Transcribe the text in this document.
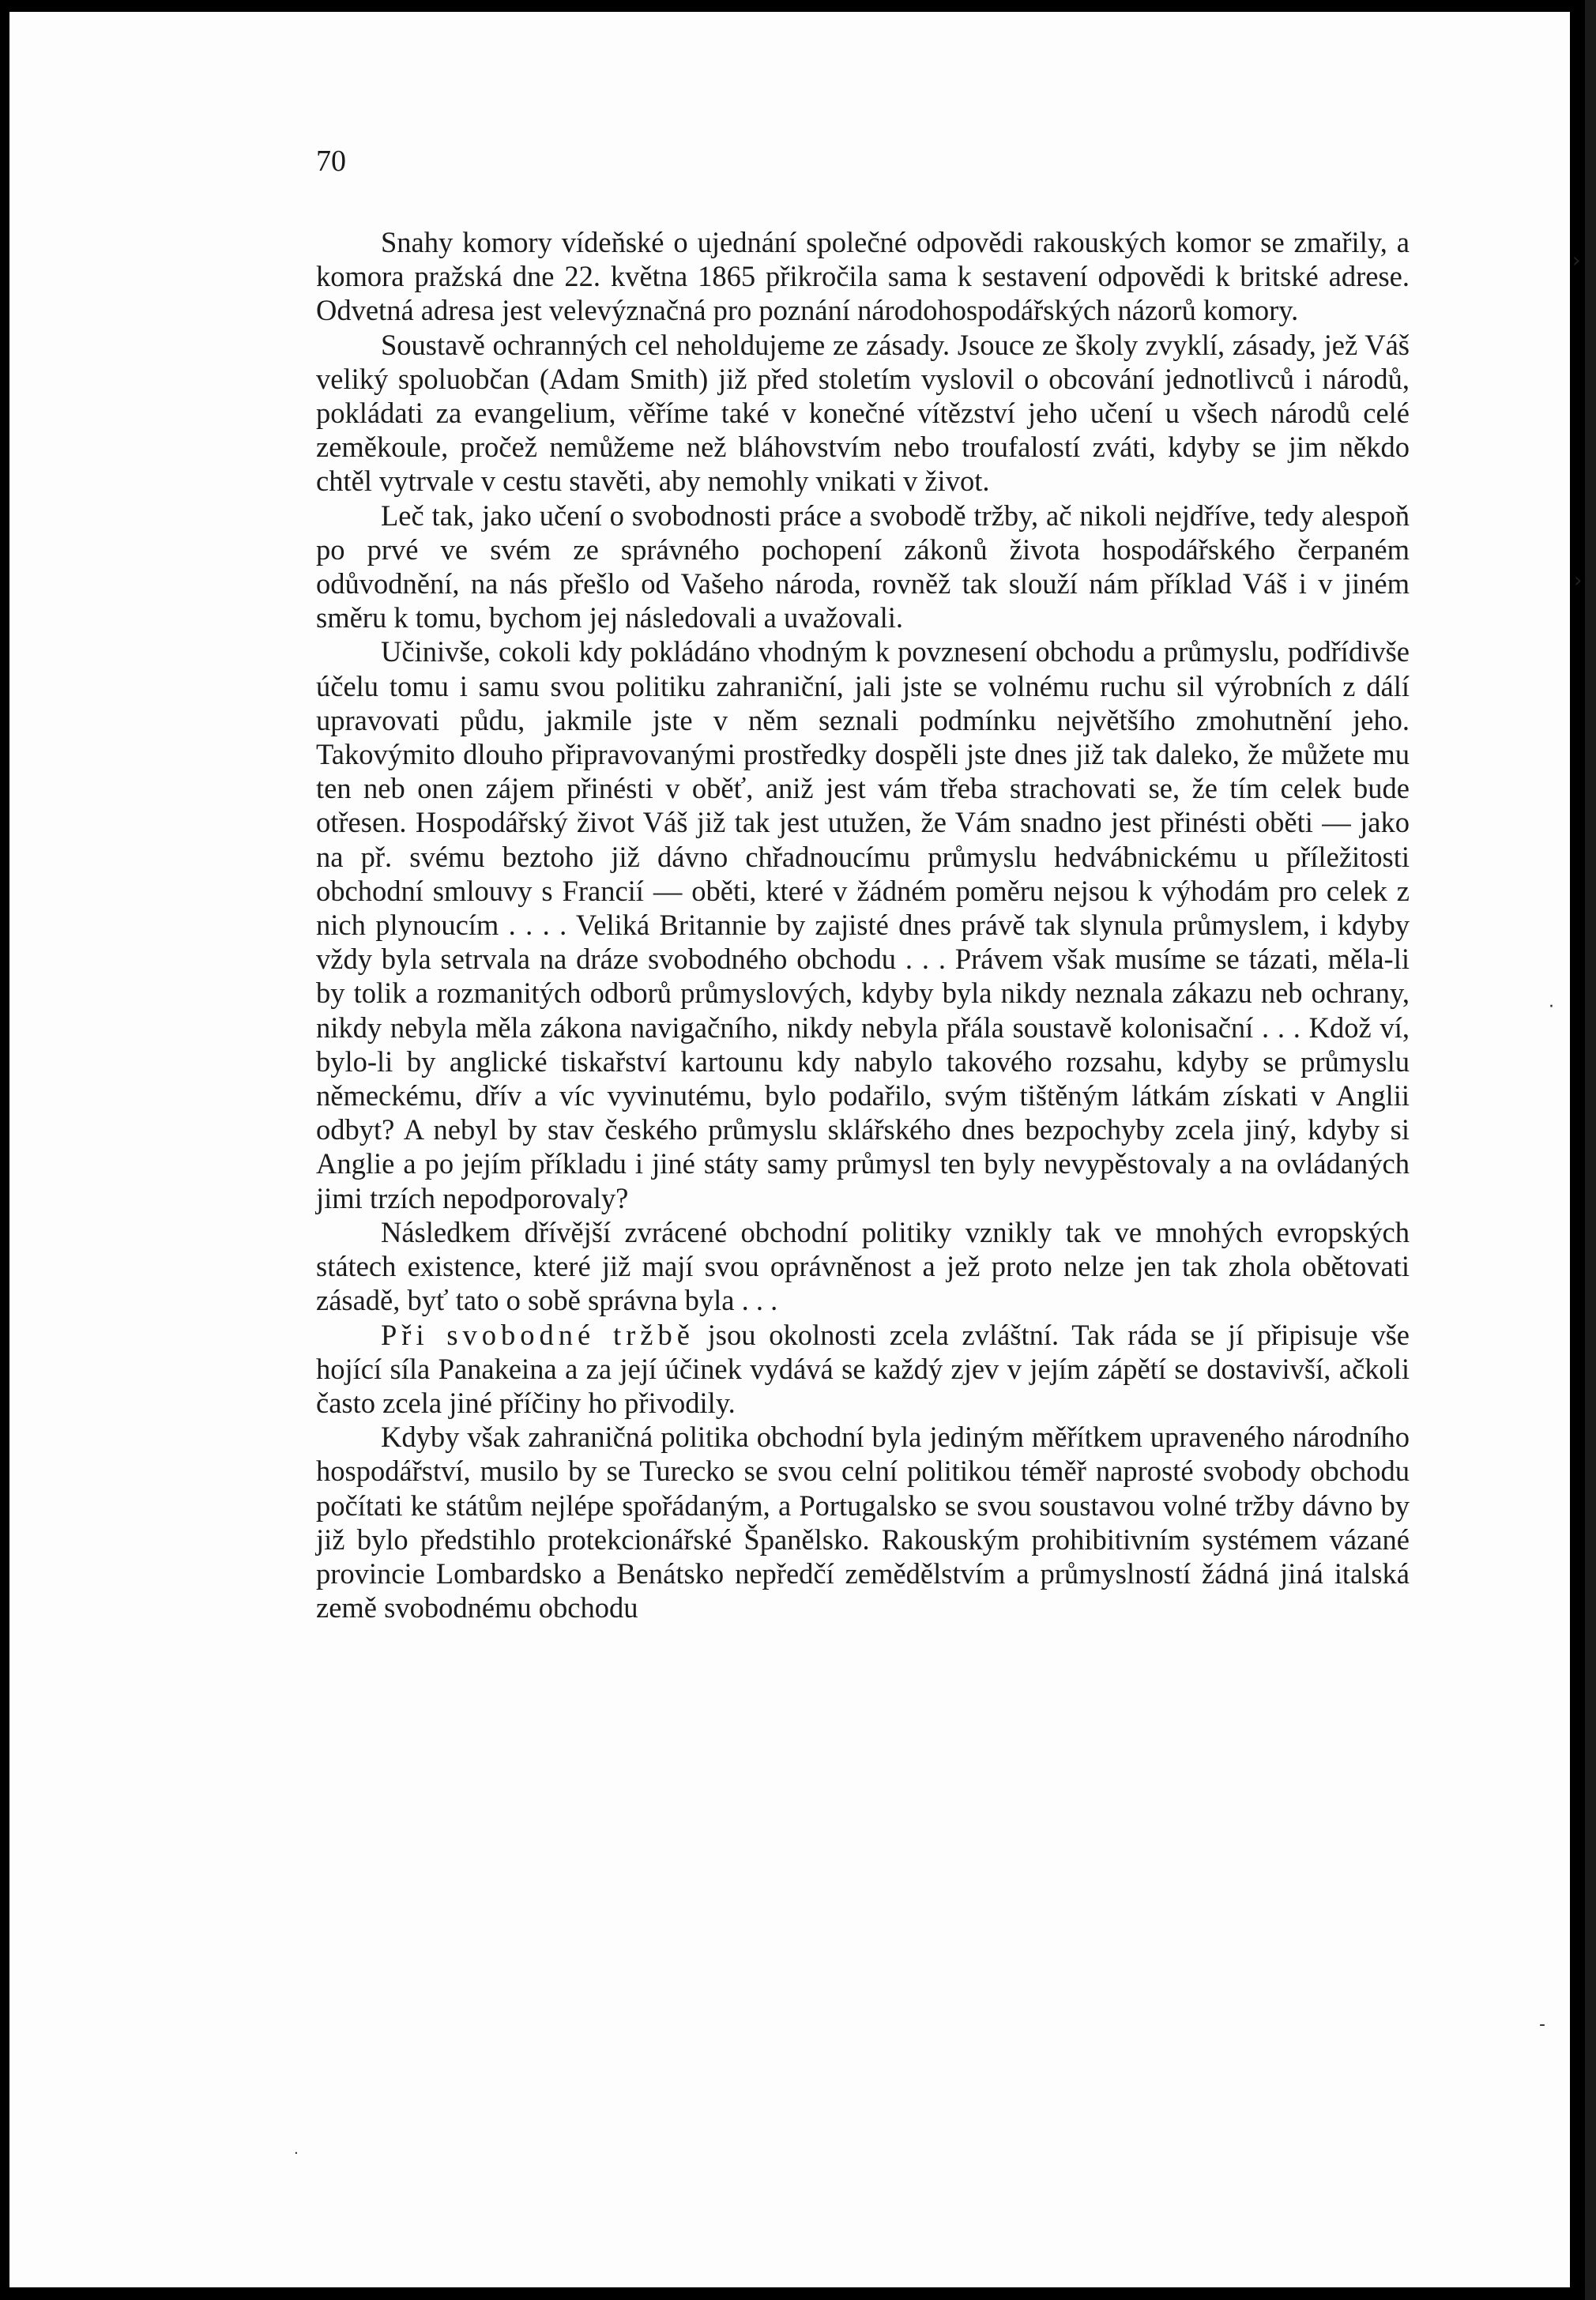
70

Snahy komory vídeňské o ujednání společné odpovědi rakouských komor se zmařily, a komora pražská dne 22. května 1865 přikročila sama k sestavení odpovědi k britské adrese. Odvetná adresa jest velevýznačná pro poznání národohospodářských názorů komory.

Soustavě ochranných cel neholdujeme ze zásady. Jsouce ze školy zvyklí, zásady, jež Váš veliký spoluobčan (Adam Smith) již před stoletím vyslovil o obcování jednotlivců i národů, pokládati za evangelium, věříme také v konečné vítězství jeho učení u všech národů celé zeměkoule, pročež nemůžeme než bláhovstvím nebo troufalostí zváti, kdyby se jim někdo chtěl vytrvale v cestu stavěti, aby nemohly vnikati v život.

Leč tak, jako učení o svobodnosti práce a svobodě tržby, ač nikoli nejdříve, tedy alespoň po prvé ve svém ze správného pochopení zákonů života hospodářského čerpaném odůvodnění, na nás přešlo od Vašeho národa, rovněž tak slouží nám příklad Váš i v jiném směru k tomu, bychom jej následovali a uvažovali.

Učinivše, cokoli kdy pokládáno vhodným k povznesení obchodu a průmyslu, podřídivše účelu tomu i samu svou politiku zahraniční, jali jste se volnému ruchu sil výrobních z dálí upravovati půdu, jakmile jste v něm seznali podmínku největšího zmohutnění jeho. Takovýmito dlouho připravovanými prostředky dospěli jste dnes již tak daleko, že můžete mu ten neb onen zájem přinésti v oběť, aniž jest vám třeba strachovati se, že tím celek bude otřesen. Hospodářský život Váš již tak jest utužen, že Vám snadno jest přinésti oběti — jako na př. svému beztoho již dávno chřadnoucímu průmyslu hedvábnickému u příležitosti obchodní smlouvy s Francií — oběti, které v žádném poměru nejsou k výhodám pro celek z nich plynoucím . . . . Veliká Britannie by zajisté dnes právě tak slynula průmyslem, i kdyby vždy byla setrvala na dráze svobodného obchodu . . . Právem však musíme se tázati, měla-li by tolik a rozmanitých odborů průmyslových, kdyby byla nikdy neznala zákazu neb ochrany, nikdy nebyla měla zákona navigačního, nikdy nebyla přála soustavě kolonisační . . . Kdož ví, bylo-li by anglické tiskařství kartounu kdy nabylo takového rozsahu, kdyby se průmyslu německému, dřív a víc vyvinutému, bylo podařilo, svým tištěným látkám získati v Anglii odbyt? A nebyl by stav českého průmyslu sklářského dnes bezpochyby zcela jiný, kdyby si Anglie a po jejím příkladu i jiné státy samy průmysl ten byly nevypěstovaly a na ovládaných jimi trzích nepodporovaly?

Následkem dřívější zvrácené obchodní politiky vznikly tak ve mnohých evropských státech existence, které již mají svou oprávněnost a jež proto nelze jen tak zhola obětovati zásadě, byť tato o sobě správna byla . . .

Při svobodné tržbě jsou okolnosti zcela zvláštní. Tak ráda se jí připisuje vše hojící síla Panakeina a za její účinek vydává se každý zjev v jejím zápětí se dostavivší, ačkoli často zcela jiné příčiny ho přivodily.

Kdyby však zahraničná politika obchodní byla jediným měřítkem upraveného národního hospodářství, musilo by se Turecko se svou celní politikou téměř naprosté svobody obchodu počítati ke státům nejlépe spořádaným, a Portugalsko se svou soustavou volné tržby dávno by již bylo předstihlo protekcionářské Španělsko. Rakouským prohibitivním systémem vázané provincie Lombardsko a Benátsko nepředčí zemědělstvím a průmyslností žádná jiná italská země svobodnému obchodu

›
›
·
-
·
